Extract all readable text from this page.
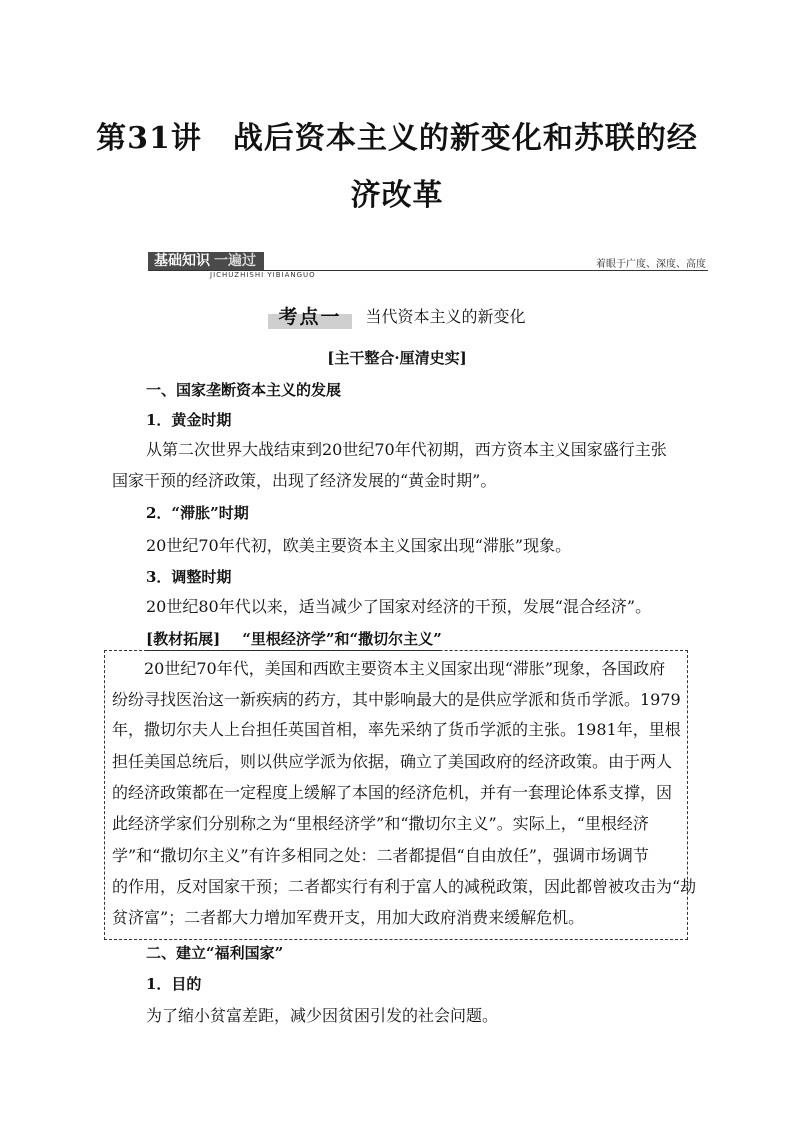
第31讲　战后资本主义的新变化和苏联的经
济改革
基础知识 一遍过
JICHUZHISHI YIBIANGUO
着眼于广度、深度、高度
考点一 当代资本主义的新变化
[主干整合·厘清史实]
一、国家垄断资本主义的发展
1．黄金时期
从第二次世界大战结束到20世纪70年代初期，西方资本主义国家盛行主张
国家干预的经济政策，出现了经济发展的“黄金时期”。
2．“滞胀”时期
20世纪70年代初，欧美主要资本主义国家出现“滞胀”现象。
3．调整时期
20世纪80年代以来，适当减少了国家对经济的干预，发展“混合经济”。
[教材拓展] “里根经济学”和“撒切尔主义”
　　20世纪70年代，美国和西欧主要资本主义国家出现“滞胀”现象，各国政府
纷纷寻找医治这一新疾病的药方，其中影响最大的是供应学派和货币学派。1979
年，撒切尔夫人上台担任英国首相，率先采纳了货币学派的主张。1981年，里根
担任美国总统后，则以供应学派为依据，确立了美国政府的经济政策。由于两人
的经济政策都在一定程度上缓解了本国的经济危机，并有一套理论体系支撑，因
此经济学家们分别称之为“里根经济学”和“撒切尔主义”。实际上，“里根经济
学”和“撒切尔主义”有许多相同之处：二者都提倡“自由放任”，强调市场调节
的作用，反对国家干预；二者都实行有利于富人的减税政策，因此都曾被攻击为“劫
贫济富”；二者都大力增加军费开支，用加大政府消费来缓解危机。
二、建立“福利国家”
1．目的
为了缩小贫富差距，减少因贫困引发的社会问题。
